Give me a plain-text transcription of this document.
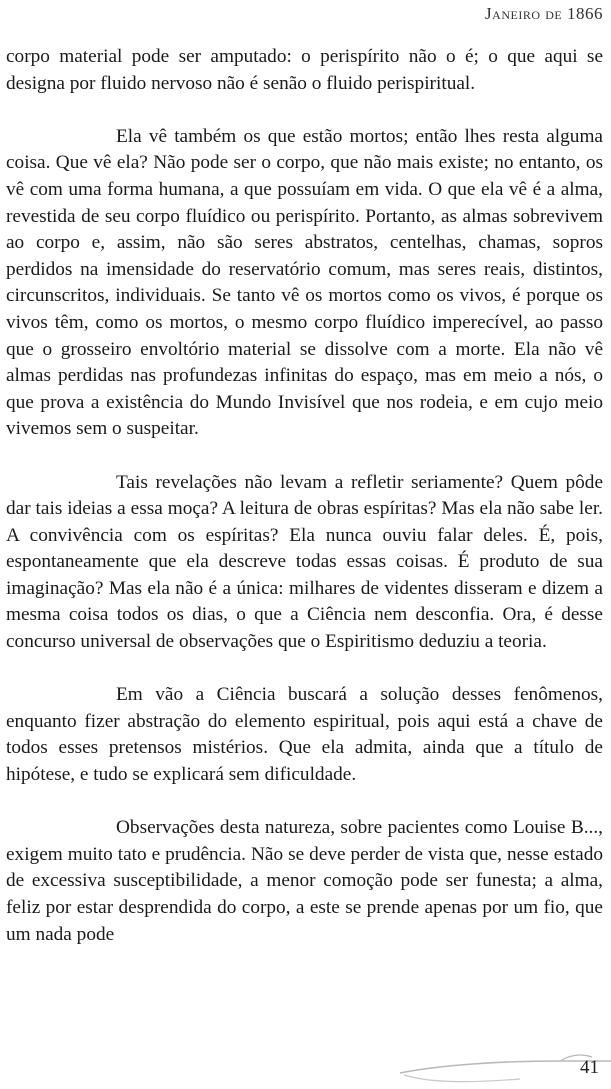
Janeiro de 1866

corpo material pode ser amputado: o perispírito não o é; o que aqui se designa por fluido nervoso não é senão o fluido perispiritual.

Ela vê também os que estão mortos; então lhes resta alguma coisa. Que vê ela? Não pode ser o corpo, que não mais existe; no entanto, os vê com uma forma humana, a que possuíam em vida. O que ela vê é a alma, revestida de seu corpo fluídico ou perispírito. Portanto, as almas sobrevivem ao corpo e, assim, não são seres abstratos, centelhas, chamas, sopros perdidos na imensidade do reservatório comum, mas seres reais, distintos, circunscritos, individuais. Se tanto vê os mortos como os vivos, é porque os vivos têm, como os mortos, o mesmo corpo fluídico imperecível, ao passo que o grosseiro envoltório material se dissolve com a morte. Ela não vê almas perdidas nas profundezas infinitas do espaço, mas em meio a nós, o que prova a existência do Mundo Invisível que nos rodeia, e em cujo meio vivemos sem o suspeitar.

Tais revelações não levam a refletir seriamente? Quem pôde dar tais ideias a essa moça? A leitura de obras espíritas? Mas ela não sabe ler. A convivência com os espíritas? Ela nunca ouviu falar deles. É, pois, espontaneamente que ela descreve todas essas coisas. É produto de sua imaginação? Mas ela não é a única: milhares de videntes disseram e dizem a mesma coisa todos os dias, o que a Ciência nem desconfia. Ora, é desse concurso universal de observações que o Espiritismo deduziu a teoria.

Em vão a Ciência buscará a solução desses fenômenos, enquanto fizer abstração do elemento espiritual, pois aqui está a chave de todos esses pretensos mistérios. Que ela admita, ainda que a título de hipótese, e tudo se explicará sem dificuldade.

Observações desta natureza, sobre pacientes como Louise B..., exigem muito tato e prudência. Não se deve perder de vista que, nesse estado de excessiva susceptibilidade, a menor comoção pode ser funesta; a alma, feliz por estar desprendida do corpo, a este se prende apenas por um fio, que um nada pode

41
